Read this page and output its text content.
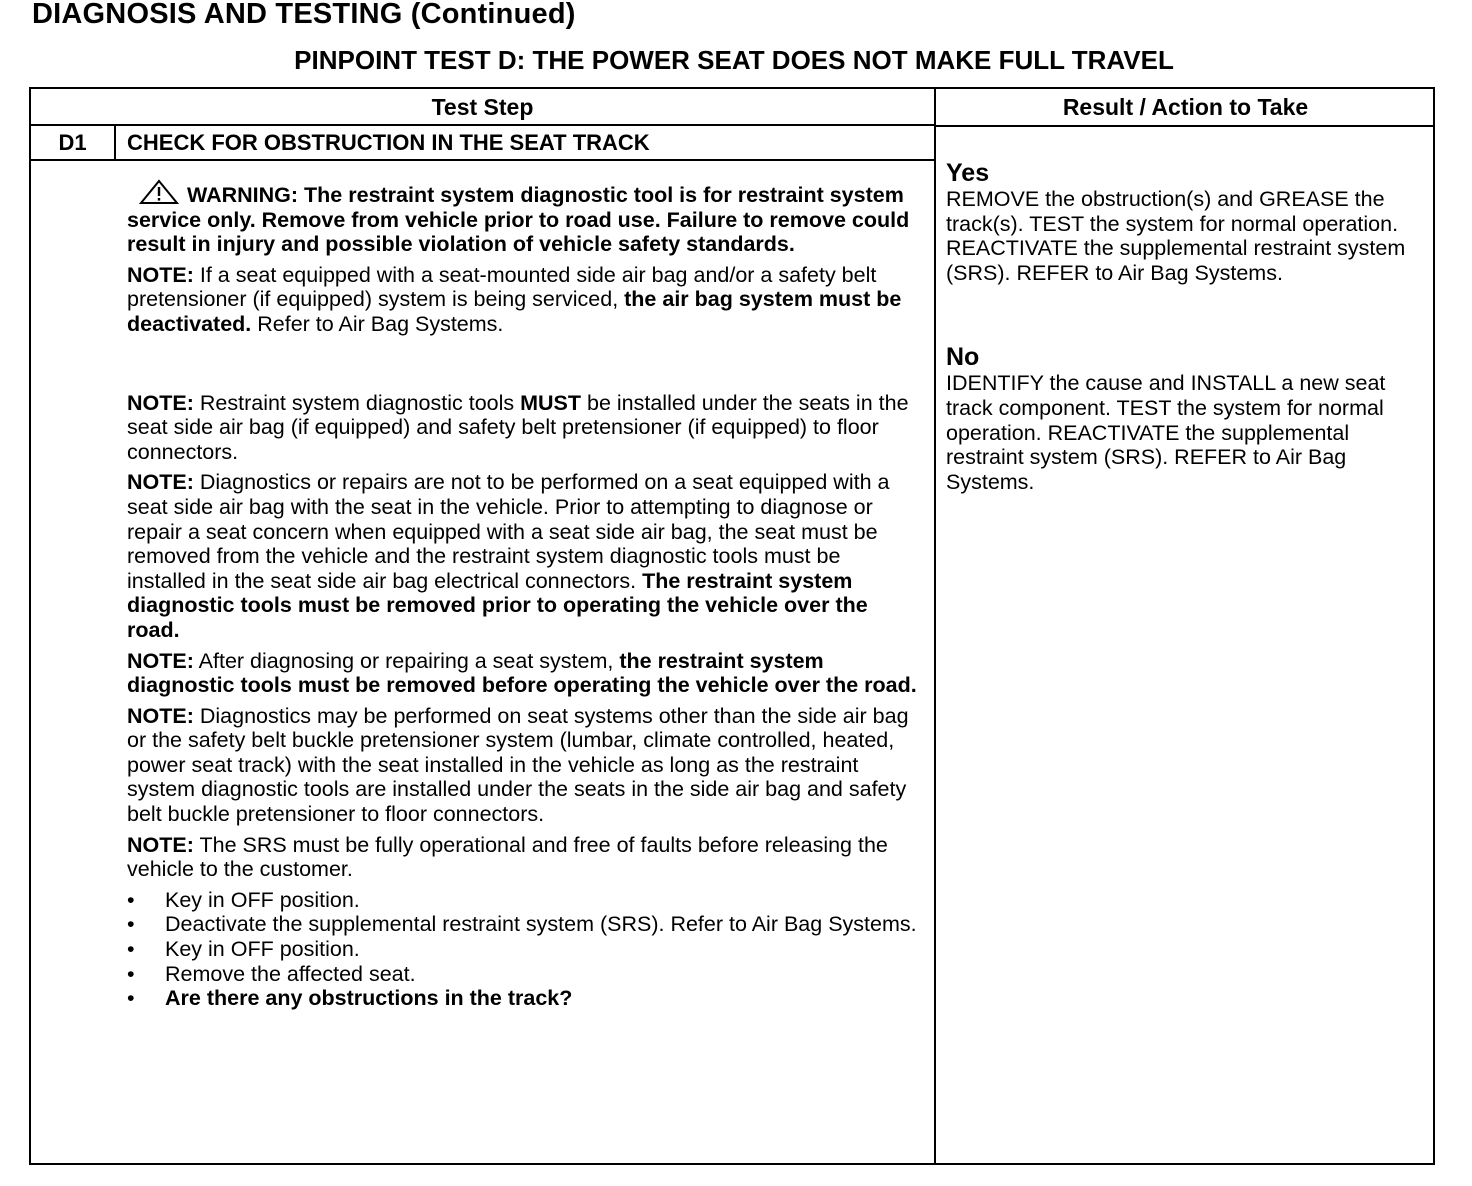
DIAGNOSIS AND TESTING (Continued)
PINPOINT TEST D: THE POWER SEAT DOES NOT MAKE FULL TRAVEL
Test Step	Result / Action to Take
D1	CHECK FOR OBSTRUCTION IN THE SEAT TRACK

WARNING: The restraint system diagnostic tool is for restraint system service only. Remove from vehicle prior to road use. Failure to remove could result in injury and possible violation of vehicle safety standards.

NOTE: If a seat equipped with a seat-mounted side air bag and/or a safety belt pretensioner (if equipped) system is being serviced, the air bag system must be deactivated. Refer to Air Bag Systems.

NOTE: Restraint system diagnostic tools MUST be installed under the seats in the seat side air bag (if equipped) and safety belt pretensioner (if equipped) to floor connectors.

NOTE: Diagnostics or repairs are not to be performed on a seat equipped with a seat side air bag with the seat in the vehicle. Prior to attempting to diagnose or repair a seat concern when equipped with a seat side air bag, the seat must be removed from the vehicle and the restraint system diagnostic tools must be installed in the seat side air bag electrical connectors. The restraint system diagnostic tools must be removed prior to operating the vehicle over the road.

NOTE: After diagnosing or repairing a seat system, the restraint system diagnostic tools must be removed before operating the vehicle over the road.

NOTE: Diagnostics may be performed on seat systems other than the side air bag or the safety belt buckle pretensioner system (lumbar, climate controlled, heated, power seat track) with the seat installed in the vehicle as long as the restraint system diagnostic tools are installed under the seats in the side air bag and safety belt buckle pretensioner to floor connectors.

NOTE: The SRS must be fully operational and free of faults before releasing the vehicle to the customer.

• Key in OFF position.
• Deactivate the supplemental restraint system (SRS). Refer to Air Bag Systems.
• Key in OFF position.
• Remove the affected seat.
• Are there any obstructions in the track?
Yes

REMOVE the obstruction(s) and GREASE the track(s). TEST the system for normal operation. REACTIVATE the supplemental restraint system (SRS). REFER to Air Bag Systems.

No

IDENTIFY the cause and INSTALL a new seat track component. TEST the system for normal operation. REACTIVATE the supplemental restraint system (SRS). REFER to Air Bag Systems.
